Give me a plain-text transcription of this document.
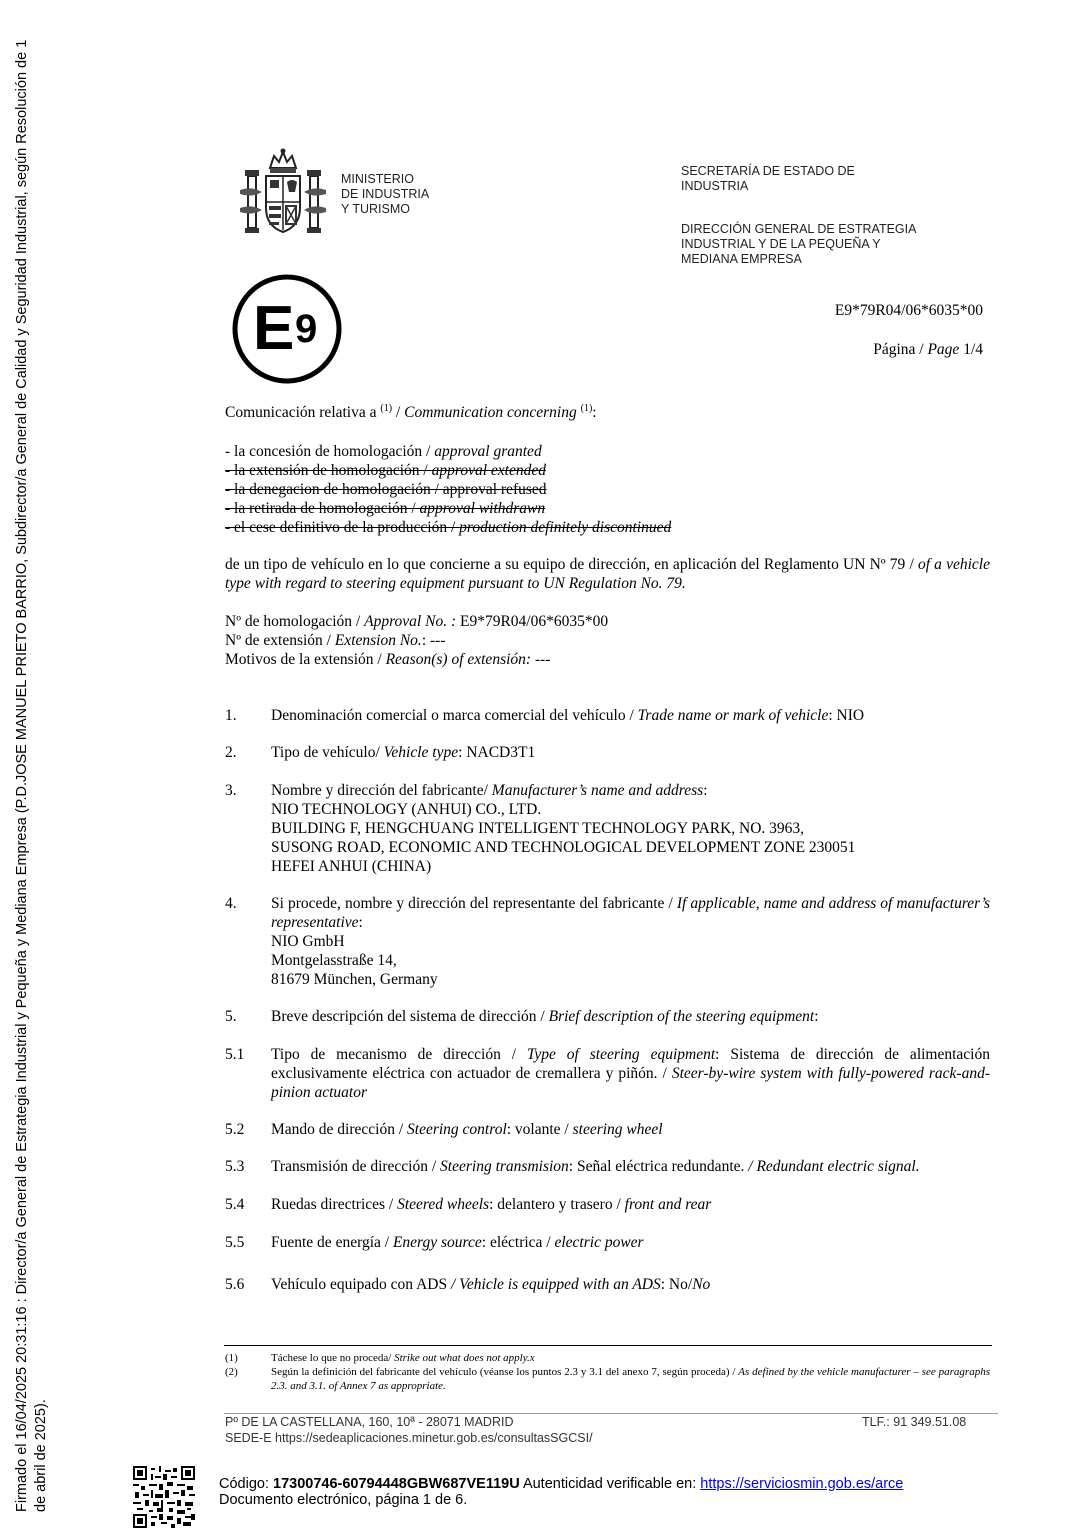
Firmado el 16/04/2025 20:31:16 : Director/a General de Estrategia Industrial y Pequeña y Mediana Empresa (P.D.JOSE MANUEL PRIETO BARRIO, Subdirector/a General de Calidad y Seguridad Industrial, según Resolución de 1 de abril de 2025).
MINISTERIO
DE INDUSTRIA
Y TURISMO
SECRETARÍA DE ESTADO DE
INDUSTRIA
DIRECCIÓN GENERAL DE ESTRATEGIA
INDUSTRIAL Y DE LA PEQUEÑA Y
MEDIANA EMPRESA
E 9	E9*79R04/06*6035*00
Página / Page 1/4
Comunicación relativa a $^{(1)}$ / Communication concerning $^{(1)}$:
- la concesión de homologación / approval granted
- la extensión de homologación / approval extended
- la denegacion de homologación / approval refused
- la retirada de homologación / approval withdrawn
- el cese definitivo de la producción / production definitely discontinued
de un tipo de vehículo en lo que concierne a su equipo de dirección, en aplicación del Reglamento UN Nº 79 / of a vehicle type with regard to steering equipment pursuant to UN Regulation No. 79.
Nº de homologación / Approval No. : E9*79R04/06*6035*00
Nº de extensión / Extension No.: ---
Motivos de la extensión / Reason(s) of extensión: ---
1.	Denominación comercial o marca comercial del vehículo / Trade name or mark of vehicle: NIO
2.	Tipo de vehículo/ Vehicle type: NACD3T1
3.	Nombre y dirección del fabricante/ Manufacturer’s name and address:
NIO TECHNOLOGY (ANHUI) CO., LTD.
BUILDING F, HENGCHUANG INTELLIGENT TECHNOLOGY PARK, NO. 3963,
SUSONG ROAD, ECONOMIC AND TECHNOLOGICAL DEVELOPMENT ZONE 230051
HEFEI ANHUI (CHINA)
4.	Si procede, nombre y dirección del representante del fabricante / If applicable, name and address of manufacturer’s representative:
NIO GmbH
Montgelasstraße 14,
81679 München, Germany
5.	Breve descripción del sistema de dirección / Brief description of the steering equipment:
5.1	Tipo de mecanismo de dirección / Type of steering equipment: Sistema de dirección de alimentación exclusivamente eléctrica con actuador de cremallera y piñón. / Steer-by-wire system with fully-powered rack-and-pinion actuator
5.2	Mando de dirección / Steering control: volante / steering wheel
5.3	Transmisión de dirección / Steering transmision: Señal eléctrica redundante. / Redundant electric signal.
5.4	Ruedas directrices / Steered wheels: delantero y trasero / front and rear
5.5	Fuente de energía / Energy source: eléctrica / electric power
5.6	Vehículo equipado con ADS / Vehicle is equipped with an ADS: No/No
(1)	Táchese lo que no proceda/ Strike out what does not apply.x
(2)	Según la definición del fabricante del vehículo (véanse los puntos 2.3 y 3.1 del anexo 7, según proceda) / As defined by the vehicle manufacturer – see paragraphs 2.3. and 3.1. of Annex 7 as appropriate.
Pº DE LA CASTELLANA, 160, 10ª - 28071 MADRID	TLF.: 91 349.51.08
SEDE-E https://sedeaplicaciones.minetur.gob.es/consultasSGCSI/
Código: 17300746-60794448GBW687VE119U Autenticidad verificable en: https://serviciosmin.gob.es/arce
Documento electrónico, página 1 de 6.
